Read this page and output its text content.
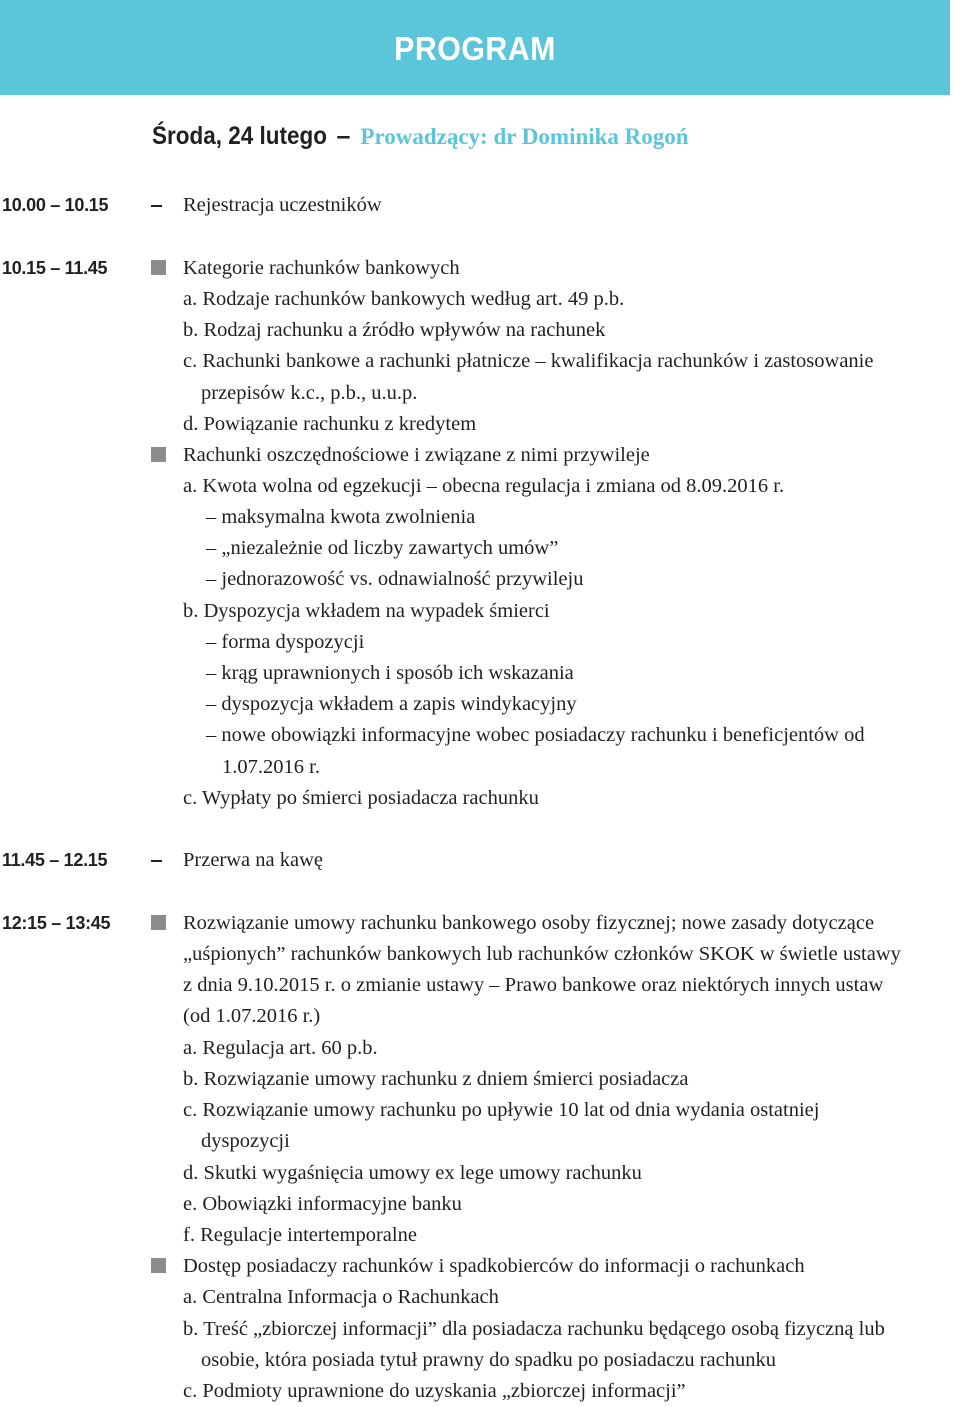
PROGRAM
Środa, 24 lutego – Prowadzący: dr Dominika Rogoń
10.00 – 10.15	Rejestracja uczestników
10.15 – 11.45	Kategorie rachunków bankowych
a. Rodzaje rachunków bankowych według art. 49 p.b.
b. Rodzaj rachunku a źródło wpływów na rachunek
c. Rachunki bankowe a rachunki płatnicze – kwalifikacja rachunków i zastosowanie
przepisów k.c., p.b., u.u.p.
d. Powiązanie rachunku z kredytem
Rachunki oszczędnościowe i związane z nimi przywileje
a. Kwota wolna od egzekucji – obecna regulacja i zmiana od 8.09.2016 r.
– maksymalna kwota zwolnienia
– „niezależnie od liczby zawartych umów”
– jednorazowość vs. odnawialność przywileju
b. Dyspozycja wkładem na wypadek śmierci
– forma dyspozycji
– krąg uprawnionych i sposób ich wskazania
– dyspozycja wkładem a zapis windykacyjny
– nowe obowiązki informacyjne wobec posiadaczy rachunku i beneficjentów od
1.07.2016 r.
c. Wypłaty po śmierci posiadacza rachunku
11.45 – 12.15	Przerwa na kawę
12:15 – 13:45	Rozwiązanie umowy rachunku bankowego osoby fizycznej; nowe zasady dotyczące
„uśpionych” rachunków bankowych lub rachunków członków SKOK w świetle ustawy
z dnia 9.10.2015 r. o zmianie ustawy – Prawo bankowe oraz niektórych innych ustaw
(od 1.07.2016 r.)
a. Regulacja art. 60 p.b.
b. Rozwiązanie umowy rachunku z dniem śmierci posiadacza
c. Rozwiązanie umowy rachunku po upływie 10 lat od dnia wydania ostatniej
dyspozycji
d. Skutki wygaśnięcia umowy ex lege umowy rachunku
e. Obowiązki informacyjne banku
f. Regulacje intertemporalne
Dostęp posiadaczy rachunków i spadkobierców do informacji o rachunkach
a. Centralna Informacja o Rachunkach
b. Treść „zbiorczej informacji” dla posiadacza rachunku będącego osobą fizyczną lub
osobie, która posiada tytuł prawny do spadku po posiadaczu rachunku
c. Podmioty uprawnione do uzyskania „zbiorczej informacji”
